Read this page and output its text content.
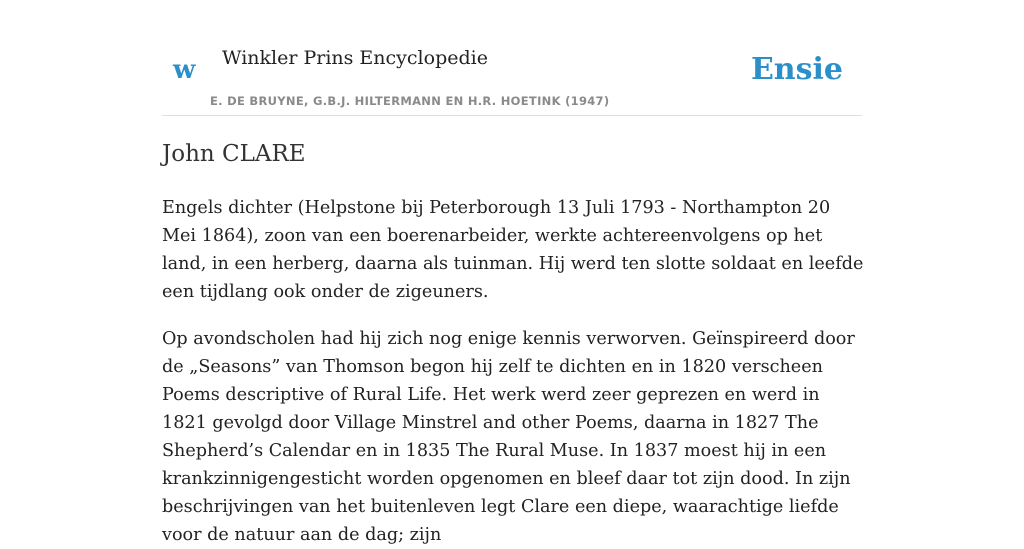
w Winkler Prins Encyclopedie
E. DE BRUYNE, G.B.J. HILTERMANN EN H.R. HOETINK (1947)
Ensie
John CLARE

Engels dichter (Helpstone bij Peterborough 13 Juli 1793 - Northampton 20 Mei 1864), zoon van een boerenarbeider, werkte achtereenvolgens op het land, in een herberg, daarna als tuinman. Hij werd ten slotte soldaat en leefde een tijdlang ook onder de zigeuners.

Op avondscholen had hij zich nog enige kennis verworven. Geïnspireerd door de „Seasons” van Thomson begon hij zelf te dichten en in 1820 verscheen Poems descriptive of Rural Life. Het werk werd zeer geprezen en werd in 1821 gevolgd door Village Minstrel and other Poems, daarna in 1827 The Shepherd’s Calendar en in 1835 The Rural Muse. In 1837 moest hij in een krankzinnigengesticht worden opgenomen en bleef daar tot zijn dood. In zijn beschrijvingen van het buitenleven legt Clare een diepe, waarachtige liefde voor de natuur aan de dag; zijn
